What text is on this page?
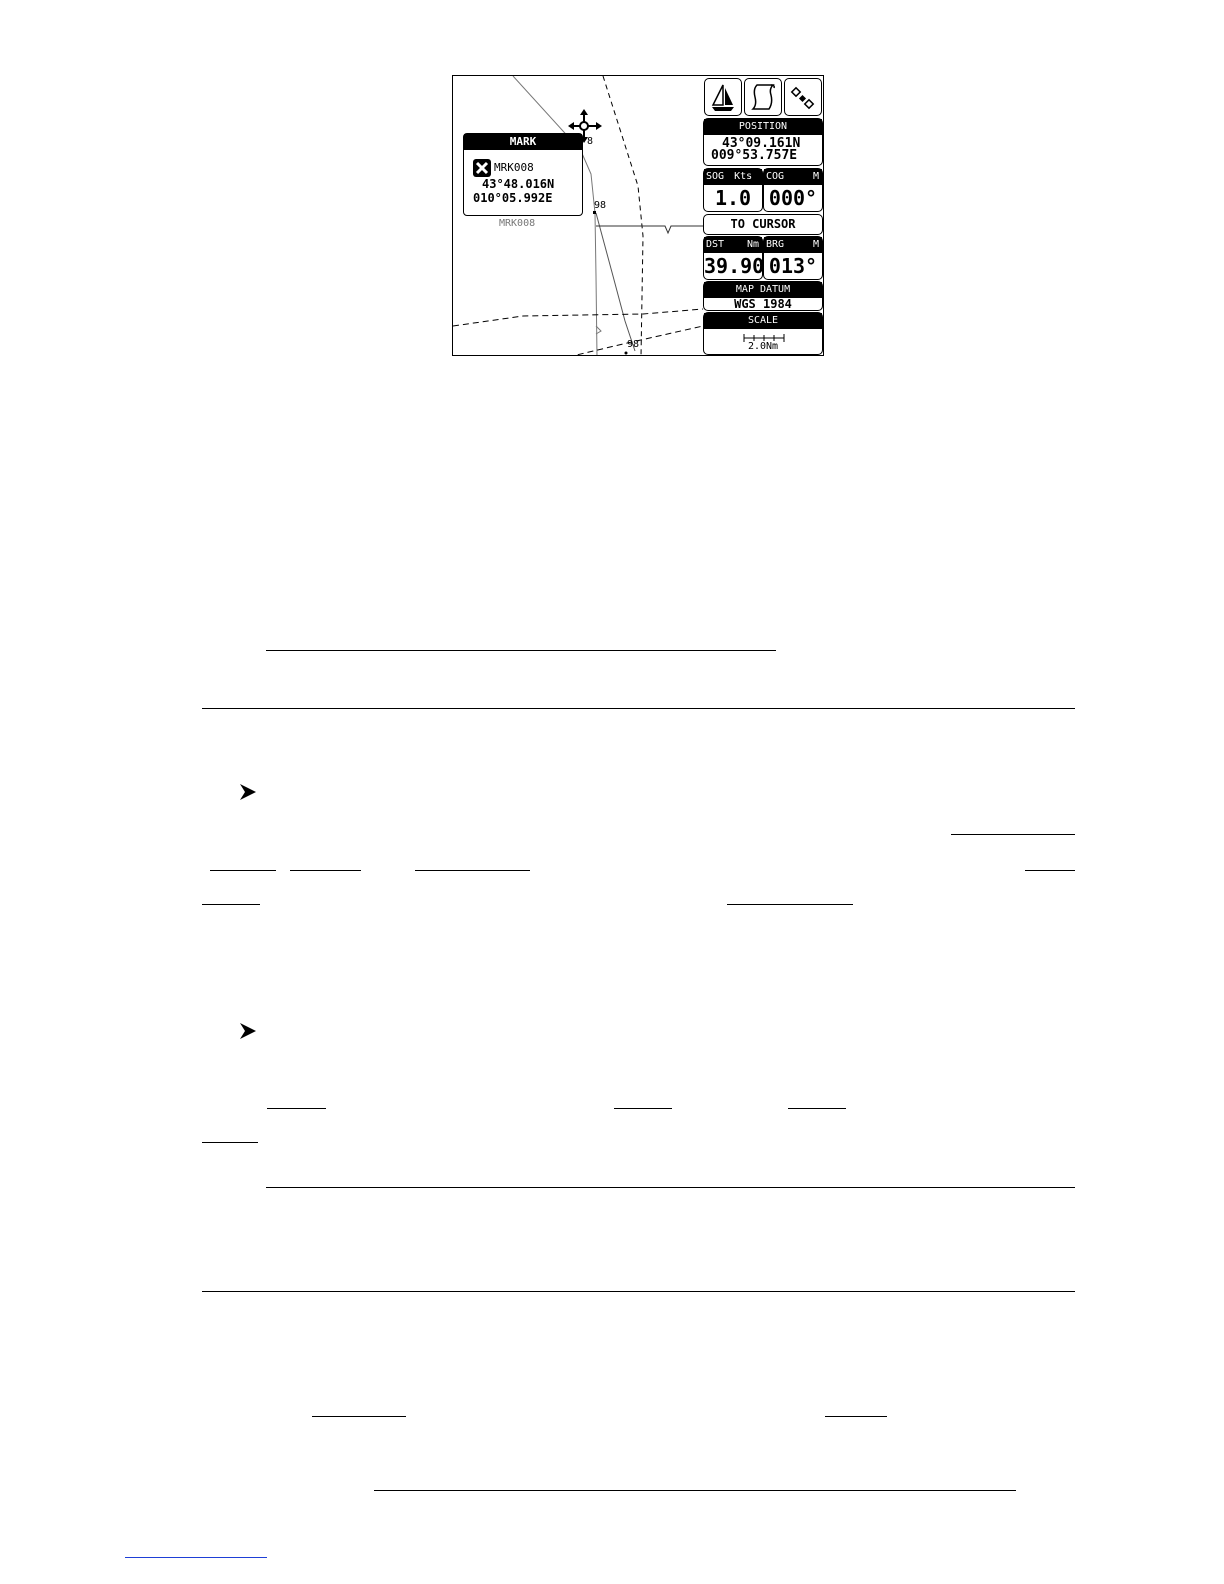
8
98
98
MARK
MRK008
43°48.016N
010°05.992E
MRK008
POSITION
43°09.161N
009°53.757E
SOG Kts
1.0
COG	M
000°
TO CURSOR
DST Nm
39.90
BRG	M
013°
MAP DATUM
WGS 1984
SCALE
2.0Nm
